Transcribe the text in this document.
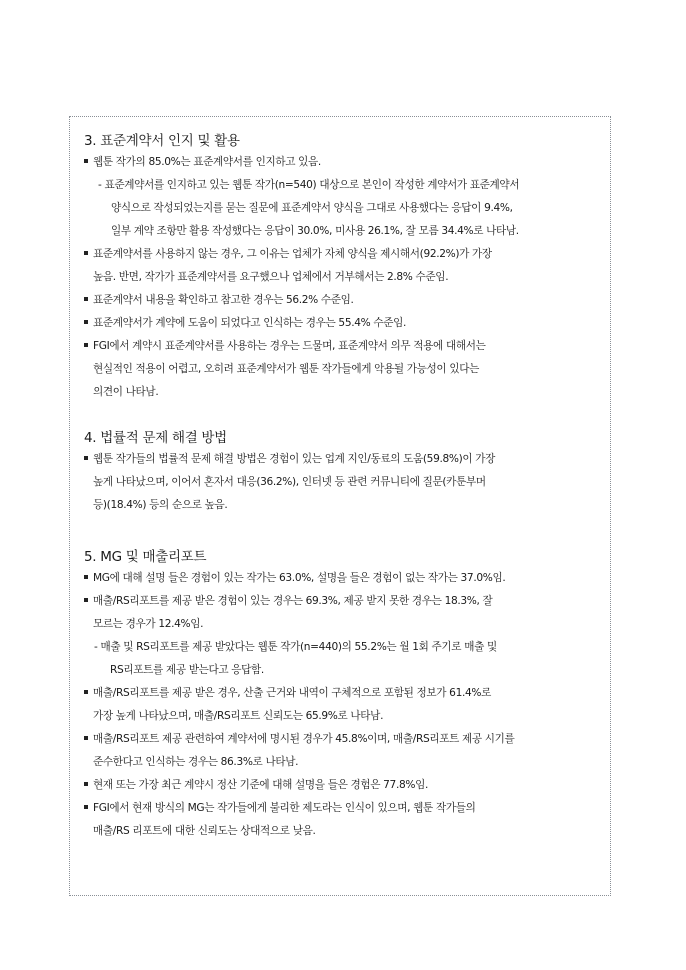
3. 표준계약서 인지 및 활용
웹툰 작가의 85.0%는 표준계약서를 인지하고 있음.
- 표준계약서를 인지하고 있는 웹툰 작가(n=540) 대상으로 본인이 작성한 계약서가 표준계약서
양식으로 작성되었는지를 묻는 질문에 표준계약서 양식을 그대로 사용했다는 응답이 9.4%,
일부 계약 조항만 활용 작성했다는 응답이 30.0%, 미사용 26.1%, 잘 모름 34.4%로 나타남.
표준계약서를 사용하지 않는 경우, 그 이유는 업체가 자체 양식을 제시해서(92.2%)가 가장
높음. 반면, 작가가 표준계약서를 요구했으나 업체에서 거부해서는 2.8% 수준임.
표준계약서 내용을 확인하고 참고한 경우는 56.2% 수준임.
표준계약서가 계약에 도움이 되었다고 인식하는 경우는 55.4% 수준임.
FGI에서 계약시 표준계약서를 사용하는 경우는 드물며, 표준계약서 의무 적용에 대해서는
현실적인 적용이 어렵고, 오히려 표준계약서가 웹툰 작가들에게 악용될 가능성이 있다는
의견이 나타남.
4. 법률적 문제 해결 방법
웹툰 작가들의 법률적 문제 해결 방법은 경험이 있는 업계 지인/동료의 도움(59.8%)이 가장
높게 나타났으며, 이어서 혼자서 대응(36.2%), 인터넷 등 관련 커뮤니티에 질문(카툰부머
등)(18.4%) 등의 순으로 높음.
5. MG 및 매출리포트
MG에 대해 설명 들은 경험이 있는 작가는 63.0%, 설명을 들은 경험이 없는 작가는 37.0%임.
매출/RS리포트를 제공 받은 경험이 있는 경우는 69.3%, 제공 받지 못한 경우는 18.3%, 잘
모르는 경우가 12.4%임.
- 매출 및 RS리포트를 제공 받았다는 웹툰 작가(n=440)의 55.2%는 월 1회 주기로 매출 및
RS리포트를 제공 받는다고 응답함.
매출/RS리포트를 제공 받은 경우, 산출 근거와 내역이 구체적으로 포함된 정보가 61.4%로
가장 높게 나타났으며, 매출/RS리포트 신뢰도는 65.9%로 나타남.
매출/RS리포트 제공 관련하여 계약서에 명시된 경우가 45.8%이며, 매출/RS리포트 제공 시기를
준수한다고 인식하는 경우는 86.3%로 나타남.
현재 또는 가장 최근 계약시 정산 기준에 대해 설명을 들은 경험은 77.8%임.
FGI에서 현재 방식의 MG는 작가들에게 불리한 제도라는 인식이 있으며, 웹툰 작가들의
매출/RS 리포트에 대한 신뢰도는 상대적으로 낮음.
